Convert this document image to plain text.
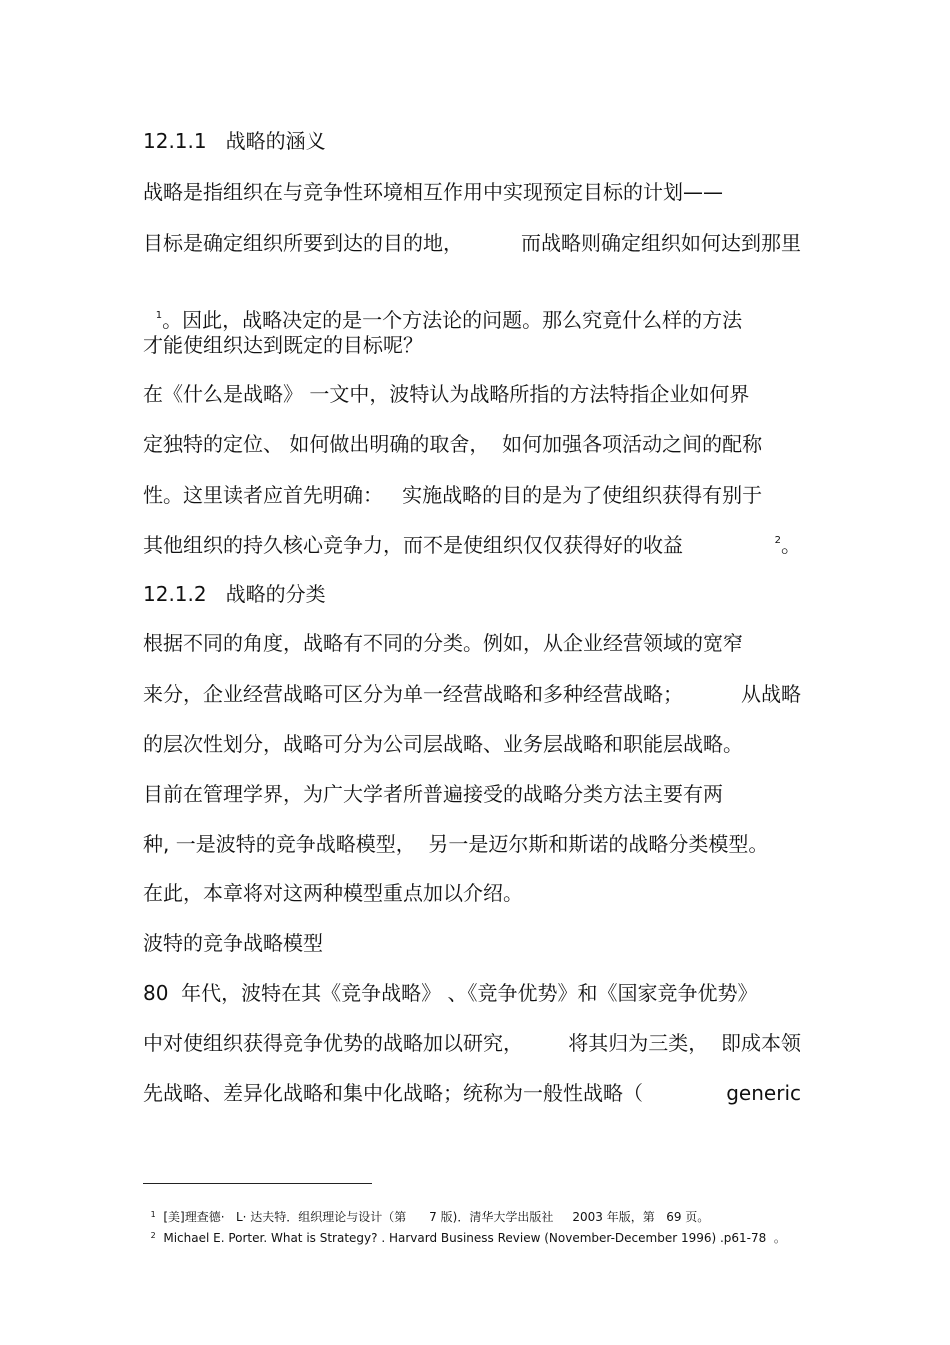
12.1.1   战略的涵义
战略是指组织在与竞争性环境相互作用中实现预定目标的计划——
目标是确定组织所要到达的目的地，	而战略则确定组织如何达到那里

$^1$。因此，战略决定的是一个方法论的问题。那么究竟什么样的方法

才能使组织达到既定的目标呢？
在《什么是战略》 一文中，波特认为战略所指的方法特指企业如何界
定独特的定位、 如何做出明确的取舍，  如何加强各项活动之间的配称
性。这里读者应首先明确：   实施战略的目的是为了使组织获得有别于
其他组织的持久核心竞争力，而不是使组织仅仅获得好的收益	$^2$。
12.1.2   战略的分类
根据不同的角度，战略有不同的分类。例如，从企业经营领域的宽窄
来分，企业经营战略可区分为单一经营战略和多种经营战略；	从战略
的层次性划分，战略可分为公司层战略、业务层战略和职能层战略。
目前在管理学界，为广大学者所普遍接受的战略分类方法主要有两
种, 一是波特的竞争战略模型，  另一是迈尔斯和斯诺的战略分类模型。
在此，本章将对这两种模型重点加以介绍。
波特的竞争战略模型
80  年代，波特在其《竞争战略》 、《竞争优势》和《国家竞争优势》
中对使组织获得竞争优势的战略加以研究， 将其归为三类，  即成本领
先战略、差异化战略和集中化战略；统称为一般性战略（	generic

$^1$  [美]理查德·   L· 达夫特．组织理论与设计（第      7 版)．清华大学出版社     2003 年版，第   69 页。

$^2$  Michael E. Porter. What is Strategy? . Harvard Business Review (November-December 1996) .p61-78  。
